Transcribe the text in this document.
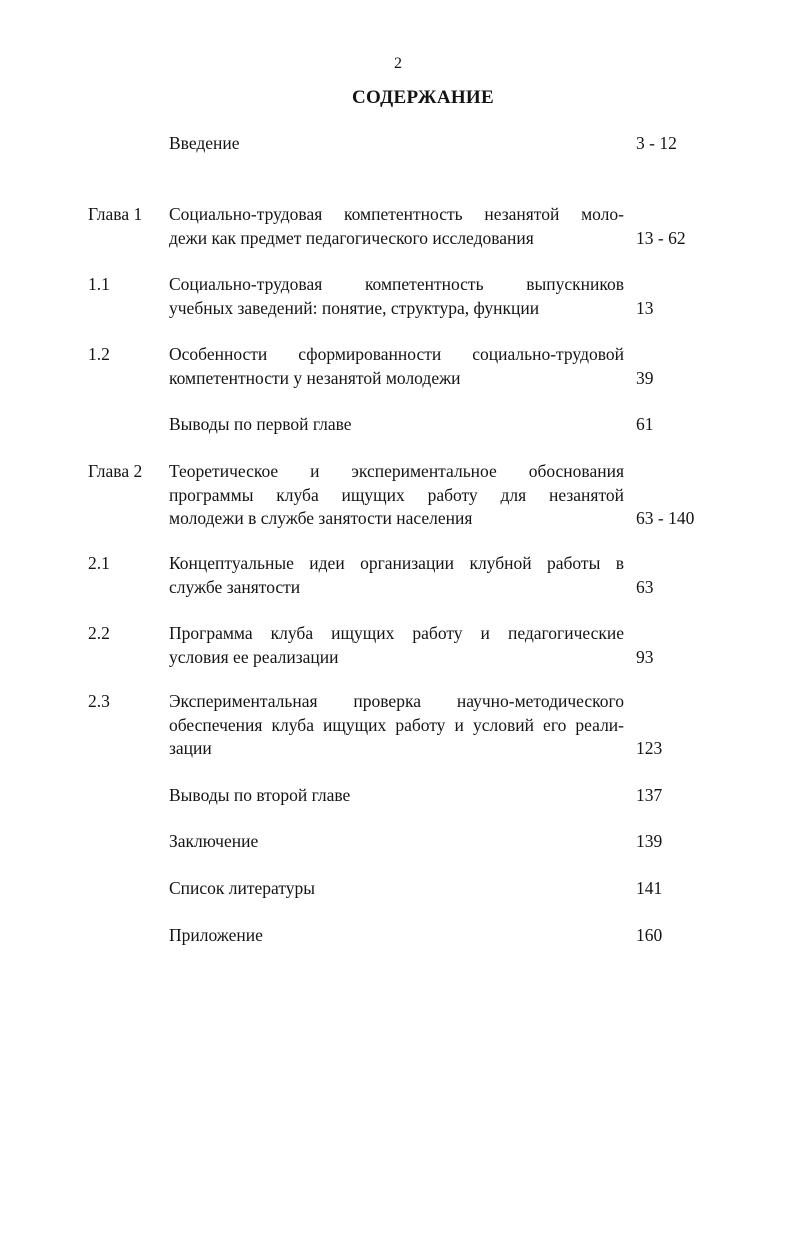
2
СОДЕРЖАНИЕ
Введение	3 - 12
Глава 1 Социально-трудовая компетентность незанятой моло-
дежи как предмет педагогического исследования	13 - 62
1.1	Социально-трудовая компетентность выпускников
учебных заведений: понятие, структура, функции	13
1.2	Особенности сформированности социально-трудовой
компетентности у незанятой молодежи	39
Выводы по первой главе	61
Глава 2 Теоретическое и экспериментальное обоснования
программы клуба ищущих работу для незанятой
молодежи в службе занятости населения	63 - 140
2.1	Концептуальные идеи организации клубной работы в
службе занятости	63
2.2	Программа клуба ищущих работу и педагогические
условия ее реализации	93
2.3	Экспериментальная проверка научно-методического
обеспечения клуба ищущих работу и условий его реали-
зации	123
Выводы по второй главе	137
Заключение	139
Список литературы	141
Приложение	160
